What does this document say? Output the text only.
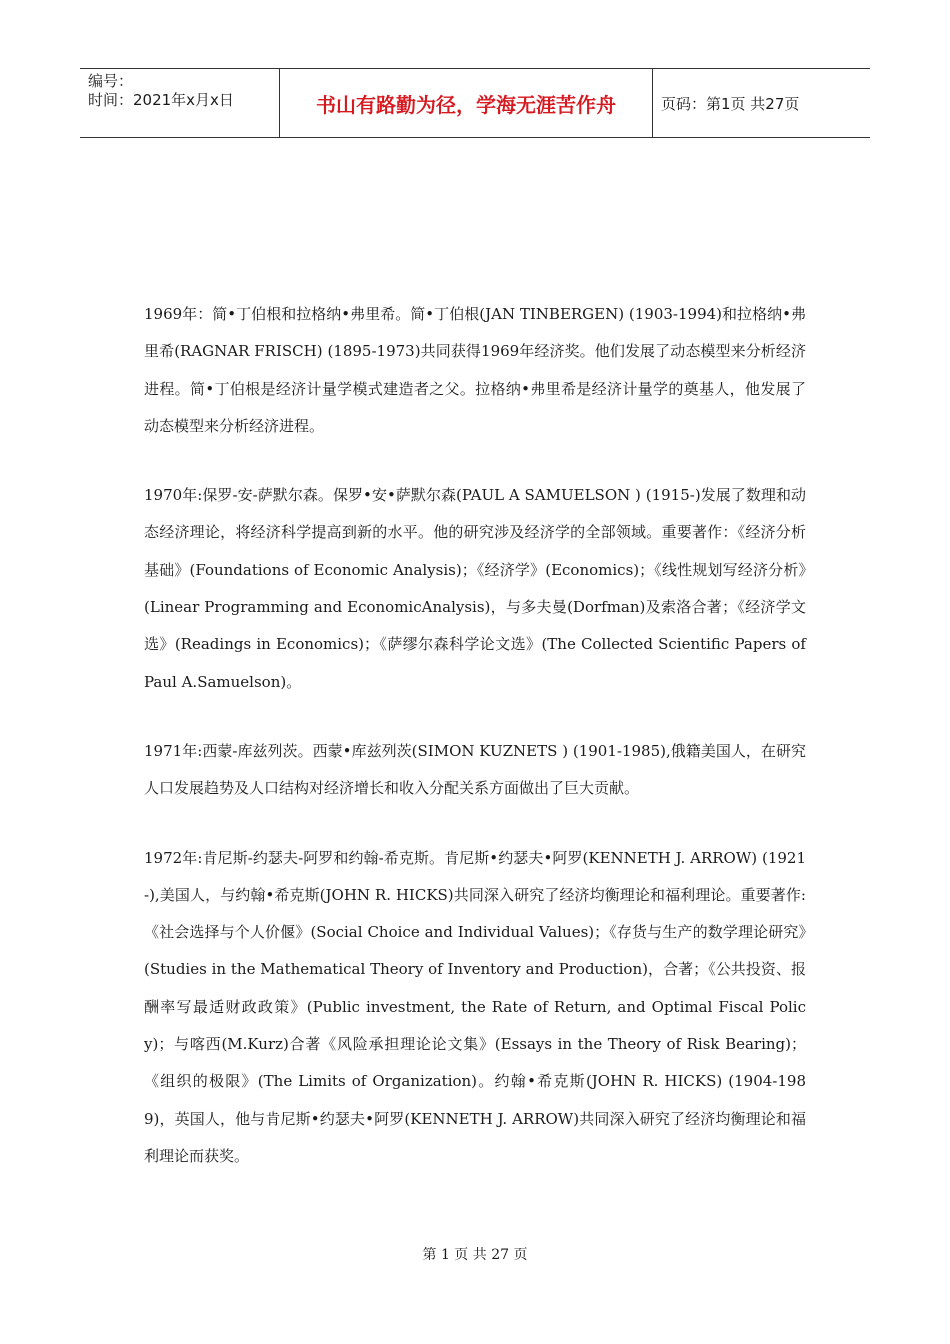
编号：
时间：2021年x月x日	书山有路勤为径，学海无涯苦作舟	页码：第1页 共27页

1969年：简•丁伯根和拉格纳•弗里希。简•丁伯根(JAN TINBERGEN) (1903-1994)和拉格纳•弗里希(RAGNAR FRISCH) (1895-1973)共同获得1969年经济奖。他们发展了动态模型来分析经济进程。简•丁伯根是经济计量学模式建造者之父。拉格纳•弗里希是经济计量学的奠基人，他发展了动态模型来分析经济进程。

1970年:保罗-安-萨默尔森。保罗•安•萨默尔森(PAUL A SAMUELSON ) (1915-)发展了数理和动态经济理论，将经济科学提高到新的水平。他的研究涉及经济学的全部领域。重要著作：《经济分析基础》(Foundations of Economic Analysis)；《经济学》(Economics)；《线性规划写经济分析》(Linear Programming and EconomicAnalysis)，与多夫曼(Dorfman)及索洛合著；《经济学文选》(Readings in Economics)；《萨缪尔森科学论文选》(The Collected Scientific Papers of Paul A.Samuelson)。

1971年:西蒙-库兹列茨。西蒙•库兹列茨(SIMON KUZNETS ) (1901-1985),俄籍美国人，在研究人口发展趋势及人口结构对经济增长和收入分配关系方面做出了巨大贡献。

1972年:肯尼斯-约瑟夫-阿罗和约翰-希克斯。肯尼斯•约瑟夫•阿罗(KENNETH J. ARROW) (1921-),美国人，与约翰•希克斯(JOHN R. HICKS)共同深入研究了经济均衡理论和福利理论。重要著作:《社会选择与个人价偃》(Social Choice and Individual Values)；《存货与生产的数学理论研究》(Studies in the Mathematical Theory of Inventory and Production)，合著；《公共投资、报酬率写最适财政政策》(Public investment, the Rate of Return, and Optimal Fiscal Policy)；与喀西(M.Kurz)合著《风险承担理论论文集》(Essays in the Theory of Risk Bearing)；《组织的极限》(The Limits of Organization)。约翰•希克斯(JOHN R. HICKS) (1904-1989)，英国人，他与肯尼斯•约瑟夫•阿罗(KENNETH J. ARROW)共同深入研究了经济均衡理论和福利理论而获奖。

第 1 页 共 27 页
